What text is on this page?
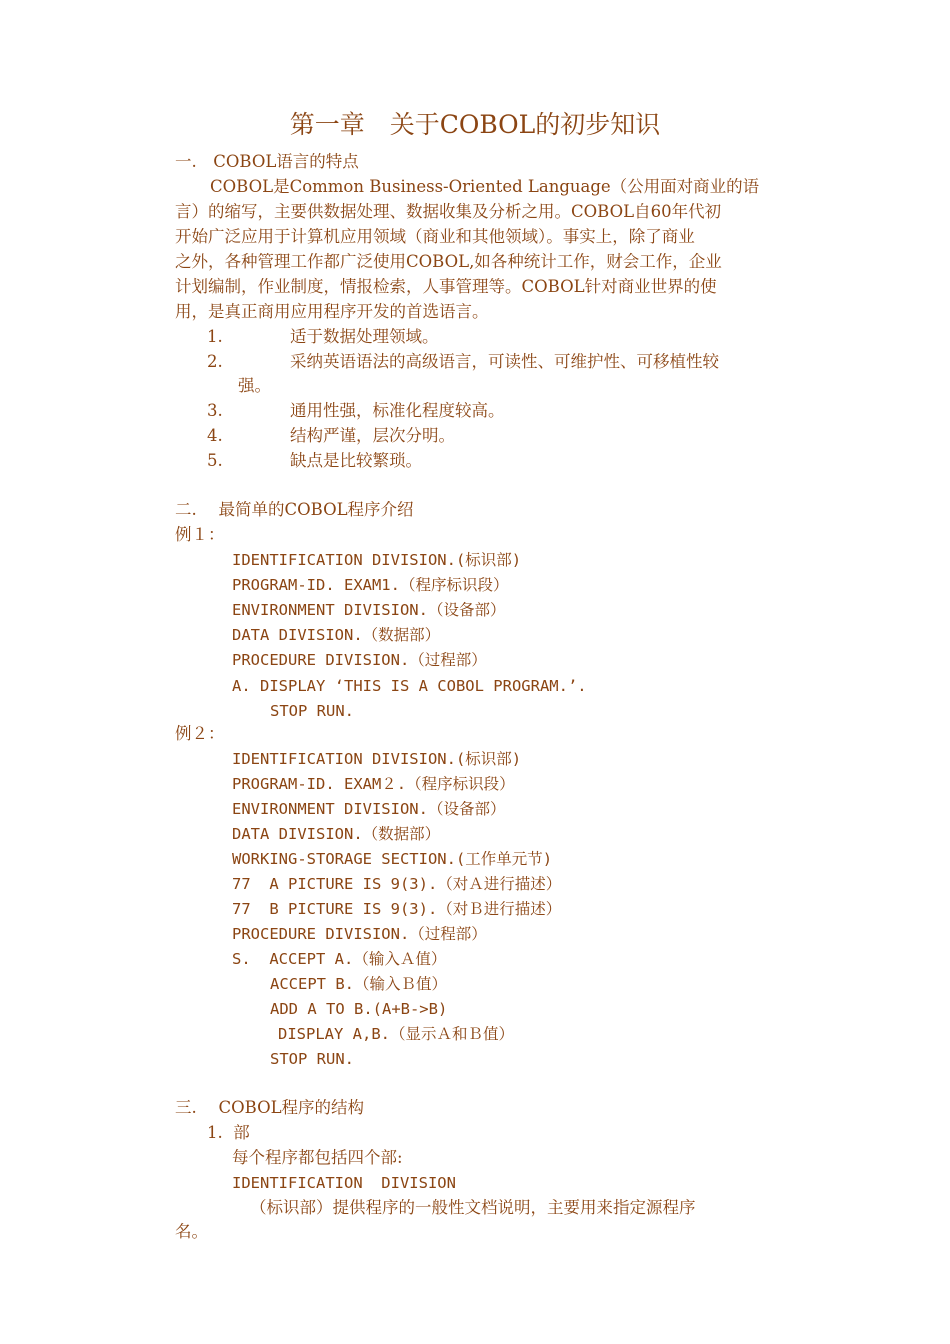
第一章　关于COBOL的初步知识
一.　COBOL语言的特点
COBOL是Common Business-Oriented Language（公用面对商业的语
言）的缩写，主要供数据处理、数据收集及分析之用。COBOL自60年代初
开始广泛应用于计算机应用领域（商业和其他领域）。事实上，除了商业
之外，各种管理工作都广泛使用COBOL,如各种统计工作，财会工作，企业
计划编制，作业制度，情报检索，人事管理等。COBOL针对商业世界的使
用，是真正商用应用程序开发的首选语言。
1.	适于数据处理领域。
2.	采纳英语语法的高级语言，可读性、可维护性、可移植性较
强。
3.	通用性强，标准化程度较高。
4.	结构严谨，层次分明。
5.	缺点是比较繁琐。
二.　 最简单的COBOL程序介绍
例１：
IDENTIFICATION DIVISION.(标识部)
PROGRAM-ID. EXAM1.（程序标识段）
ENVIRONMENT DIVISION.（设备部）
DATA DIVISION.（数据部）
PROCEDURE DIVISION.（过程部）
A. DISPLAY ‘THIS IS A COBOL PROGRAM.’.
STOP RUN.
例２：
IDENTIFICATION DIVISION.(标识部)
PROGRAM-ID. EXAM２.（程序标识段）
ENVIRONMENT DIVISION.（设备部）
DATA DIVISION.（数据部）
WORKING-STORAGE SECTION.(工作单元节)
77  A PICTURE IS 9(3).（对Ａ进行描述）
77  B PICTURE IS 9(3).（对Ｂ进行描述）
PROCEDURE DIVISION.（过程部）
S.  ACCEPT A.（输入Ａ值）
ACCEPT B.（输入Ｂ值）
ADD A TO B.(A+B->B)
DISPLAY A,B.（显示Ａ和Ｂ值）
STOP RUN.
三.　 COBOL程序的结构
1.  部
每个程序都包括四个部:
IDENTIFICATION  DIVISION
（标识部）提供程序的一般性文档说明，主要用来指定源程序
名。
